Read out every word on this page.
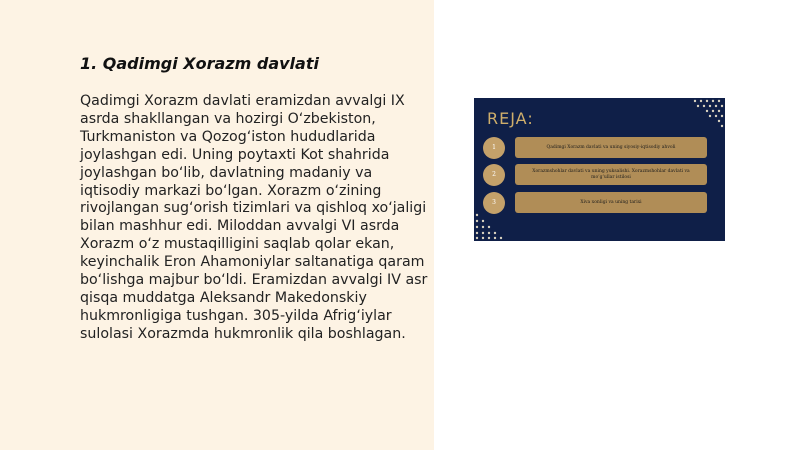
1. Qadimgi Xorazm davlati

Qadimgi Xorazm davlati eramizdan avvalgi IX asrda shakllangan va hozirgi O‘zbekiston, Turkmaniston va Qozog‘iston hududlarida joylashgan edi. Uning poytaxti Kot shahrida joylashgan bo‘lib, davlatning madaniy va iqtisodiy markazi bo‘lgan. Xorazm o‘zining rivojlangan sug‘orish tizimlari va qishloq xo‘jaligi bilan mashhur edi. Miloddan avvalgi VI asrda Xorazm o‘z mustaqilligini saqlab qolar ekan, keyinchalik Eron Ahamoniylar saltanatiga qaram bo‘lishga majbur bo‘ldi. Eramizdan avvalgi IV asr qisqa muddatga Aleksandr Makedonskiy hukmronligiga tushgan. 305-yilda Afrig‘iylar sulolasi Xorazmda hukmronlik qila boshlagan.

REJA:
1	Qadimgi Xorazm davlati va uning siyosiy-iqtisodiy ahvoli
2	Xorazmshohlar davlati va uning yuksalishi. Xorazmshohlar davlati va mo‘g‘ullar istilosi
3	Xiva xonligi va uning tarixi
